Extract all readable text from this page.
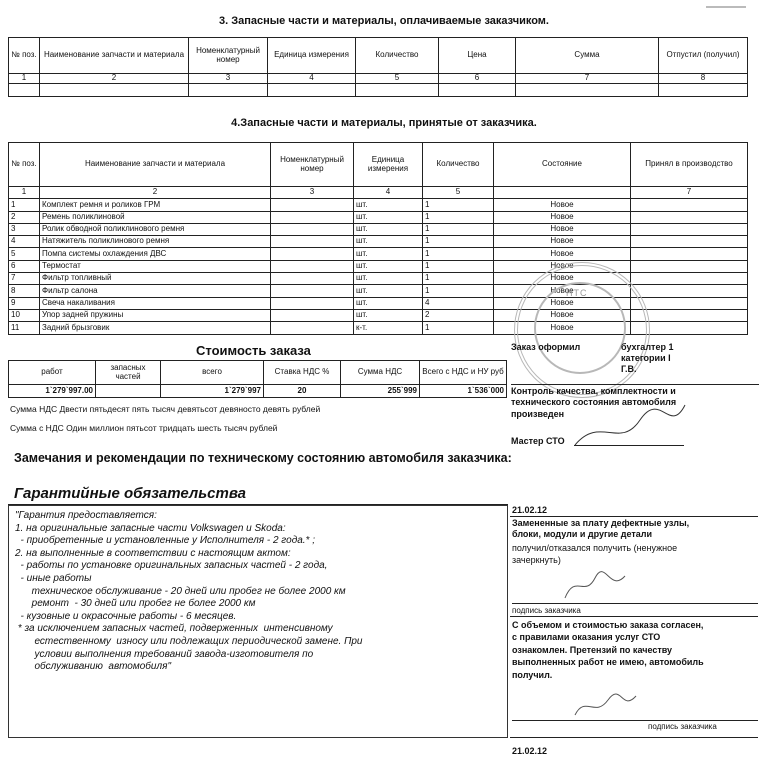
3. Запасные части и материалы, оплачиваемые заказчиком.
№ поз.	Наименование запчасти и материала	Номенклатурный номер	Единица измерения	Количество	Цена	Сумма	Отпустил (получил)
1	2	3	4	5	6	7	8

4.Запасные части и материалы, принятые от заказчика.
№ поз.	Наименование запчасти и материала	Номенклатурный номер	Единица измерения	Количество	Состояние	Принял в производство
1	2	3	4	5		7
1	Комплект ремня и роликов ГРМ		шт.	1	Новое	
2	Ремень поликлиновой		шт.	1	Новое	
3	Ролик обводной поликлинового ремня		шт.	1	Новое	
4	Натяжитель поликлинового ремня		шт.	1	Новое	
5	Помпа системы охлаждения ДВС		шт.	1	Новое	
6	Термостат		шт.	1	Новое	
7	Фильтр топливный		шт.	1	Новое	
8	Фильтр салона		шт.	1	Новое	
9	Свеча накаливания		шт.	4	Новое	
10	Упор задней пружины		шт.	2	Новое	
11	Задний брызговик		к-т.	1	Новое	
НТС
Стоимость заказа
работ	запасных частей	всего	Ставка НДС %	Сумма НДС	Всего с НДС и НУ руб
1`279`997.00		1`279`997	20	255`999	1`536`000
Сумма НДС Двести пятьдесят пять тысяч девятьсот девяносто девять рублей
Сумма с НДС Один миллион пятьсот тридцать шесть тысяч рублей
Заказ оформил	бухгалтер 1
категории I
Г.В.
Контроль качества, комплектности и
технического состояния автомобиля
произведен
Мастер СТО
Замечания и рекомендации по техническому состоянию автомобиля заказчика:
Гарантийные обязательства
"Гарантия предоставляется:
1. на оригинальные запасные части Volkswagen и Skoda:
- приобретенные и установленные у Исполнителя - 2 года.* ;
2. на выполненные в соответствии с настоящим актом:
- работы по установке оригинальных запасных частей - 2 года,
- иные работы
техническое обслуживание - 20 дней или пробег не более 2000 км
ремонт  - 30 дней или пробег не более 2000 км
- кузовные и окрасочные работы - 6 месяцев.
* за исключением запасных частей, подверженных  интенсивному
естественному  износу или подлежащих периодической замене. При
условии выполнения требований завода-изготовителя по
обслуживанию  автомобиля"
21.02.12
Замененные за плату дефектные узлы,
блоки, модули и другие детали
получил/отказался получить (ненужное
зачеркнуть)
подпись заказчика
С объемом и стоимостью заказа согласен,
с правилами оказания услуг СТО
ознакомлен. Претензий по качеству
выполненных работ не имею, автомобиль
получил.
подпись заказчика
21.02.12
